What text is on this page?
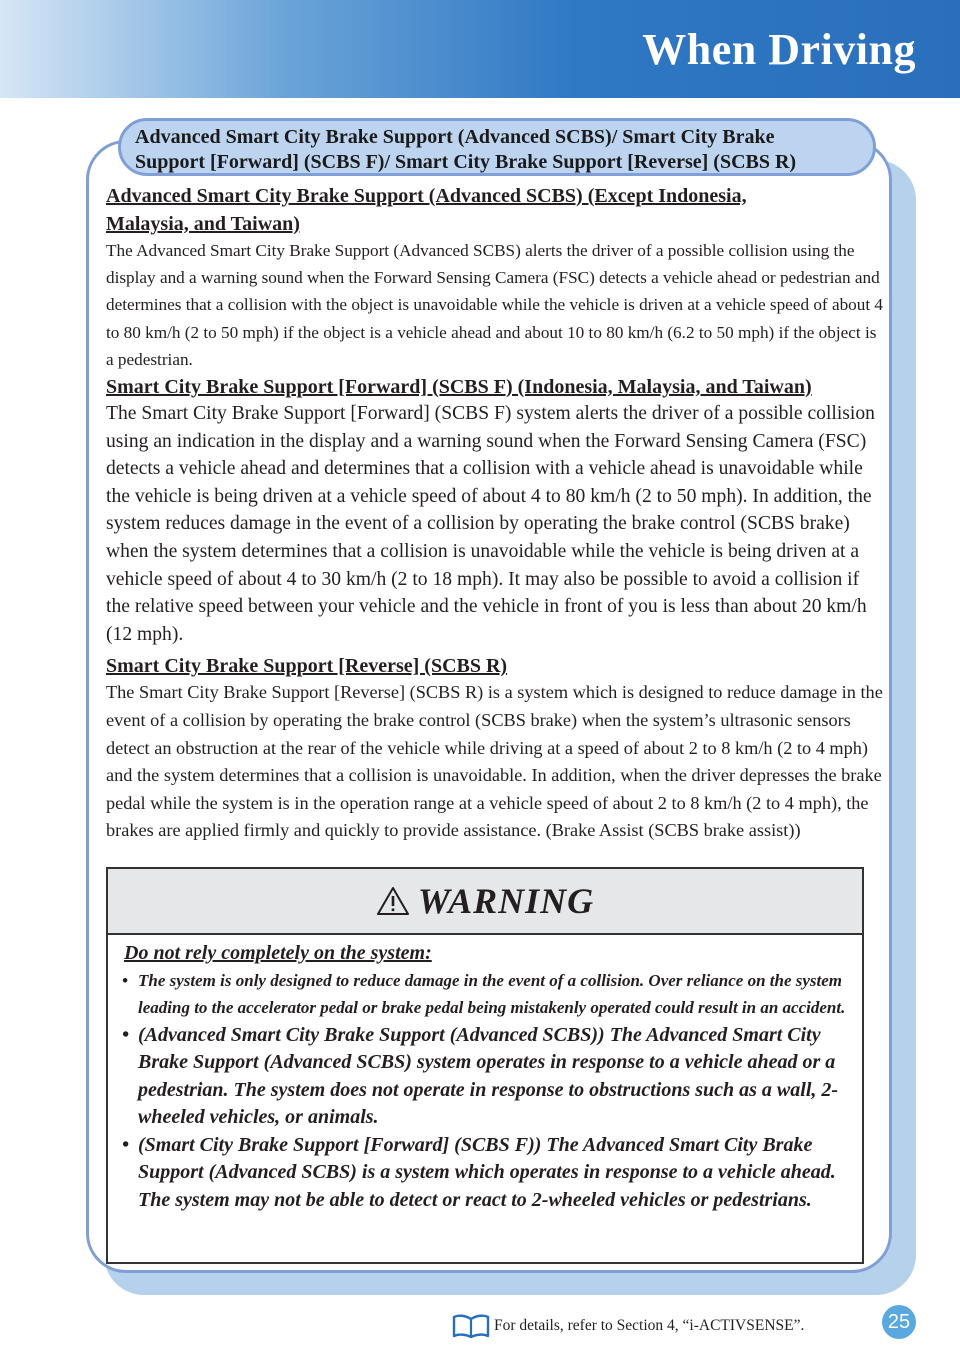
When Driving
Advanced Smart City Brake Support (Advanced SCBS)/ Smart City Brake
Support [Forward] (SCBS F)/ Smart City Brake Support [Reverse] (SCBS R)
Advanced Smart City Brake Support (Advanced SCBS) (Except Indonesia,
Malaysia, and Taiwan)
The Advanced Smart City Brake Support (Advanced SCBS) alerts the driver of a possible collision using the display and a warning sound when the Forward Sensing Camera (FSC) detects a vehicle ahead or pedestrian and determines that a collision with the object is unavoidable while the vehicle is driven at a vehicle speed of about 4 to 80 km/h (2 to 50 mph) if the object is a vehicle ahead and about 10 to 80 km/h (6.2 to 50 mph) if the object is a pedestrian.
Smart City Brake Support [Forward] (SCBS F) (Indonesia, Malaysia, and Taiwan)
The Smart City Brake Support [Forward] (SCBS F) system alerts the driver of a possible collision using an indication in the display and a warning sound when the Forward Sensing Camera (FSC) detects a vehicle ahead and determines that a collision with a vehicle ahead is unavoidable while the vehicle is being driven at a vehicle speed of about 4 to 80 km/h (2 to 50 mph). In addition, the system reduces damage in the event of a collision by operating the brake control (SCBS brake) when the system determines that a collision is unavoidable while the vehicle is being driven at a vehicle speed of about 4 to 30 km/h (2 to 18 mph). It may also be possible to avoid a collision if the relative speed between your vehicle and the vehicle in front of you is less than about 20 km/h (12 mph).
Smart City Brake Support [Reverse] (SCBS R)
The Smart City Brake Support [Reverse] (SCBS R) is a system which is designed to reduce damage in the event of a collision by operating the brake control (SCBS brake) when the system’s ultrasonic sensors detect an obstruction at the rear of the vehicle while driving at a speed of about 2 to 8 km/h (2 to 4 mph) and the system determines that a collision is unavoidable. In addition, when the driver depresses the brake pedal while the system is in the operation range at a vehicle speed of about 2 to 8 km/h (2 to 4 mph), the brakes are applied firmly and quickly to provide assistance. (Brake Assist (SCBS brake assist))
WARNING
Do not rely completely on the system:
• The system is only designed to reduce damage in the event of a collision. Over reliance on the system leading to the accelerator pedal or brake pedal being mistakenly operated could result in an accident.
• (Advanced Smart City Brake Support (Advanced SCBS)) The Advanced Smart City Brake Support (Advanced SCBS) system operates in response to a vehicle ahead or a pedestrian. The system does not operate in response to obstructions such as a wall, 2-wheeled vehicles, or animals.
• (Smart City Brake Support [Forward] (SCBS F)) The Advanced Smart City Brake Support (Advanced SCBS) is a system which operates in response to a vehicle ahead. The system may not be able to detect or react to 2-wheeled vehicles or pedestrians.
For details, refer to Section 4, “i-ACTIVSENSE”.	25
